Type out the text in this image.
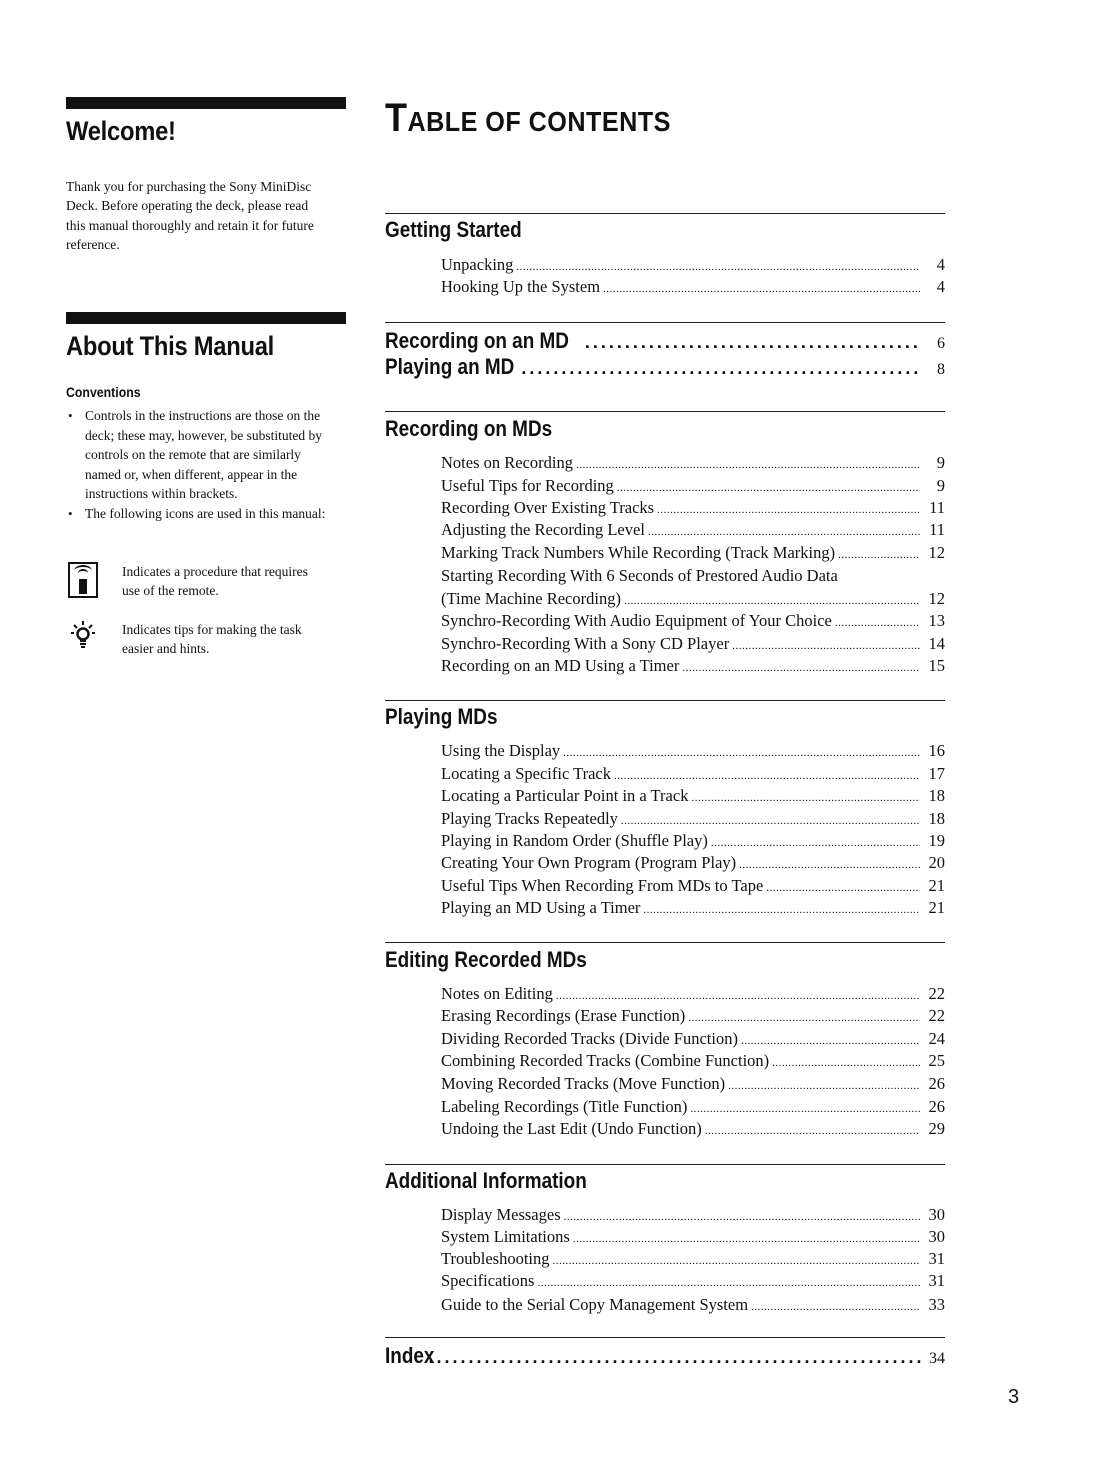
Welcome!
Thank you for purchasing the Sony MiniDisc Deck. Before operating the deck, please read this manual thoroughly and retain it for future reference.
About This Manual
Conventions
• Controls in the instructions are those on the deck; these may, however, be substituted by controls on the remote that are similarly named or, when different, appear in the instructions within brackets.
• The following icons are used in this manual:
Indicates a procedure that requires use of the remote.
Indicates tips for making the task easier and hints.
TABLE OF CONTENTS
Getting Started
Unpacking .....	4
Hooking Up the System .....	4
Recording on an MD .....	6
Playing an MD .....	8
Recording on MDs
Notes on Recording .....	9
Useful Tips for Recording .....	9
Recording Over Existing Tracks .....	11
Adjusting the Recording Level .....	11
Marking Track Numbers While Recording (Track Marking) .....	12
Starting Recording With 6 Seconds of Prestored Audio Data
(Time Machine Recording) .....	12
Synchro-Recording With Audio Equipment of Your Choice .....	13
Synchro-Recording With a Sony CD Player .....	14
Recording on an MD Using a Timer .....	15
Playing MDs
Using the Display .....	16
Locating a Specific Track .....	17
Locating a Particular Point in a Track .....	18
Playing Tracks Repeatedly .....	18
Playing in Random Order (Shuffle Play) .....	19
Creating Your Own Program (Program Play) .....	20
Useful Tips When Recording From MDs to Tape .....	21
Playing an MD Using a Timer .....	21
Editing Recorded MDs
Notes on Editing .....	22
Erasing Recordings (Erase Function) .....	22
Dividing Recorded Tracks (Divide Function) .....	24
Combining Recorded Tracks (Combine Function) .....	25
Moving Recorded Tracks (Move Function) .....	26
Labeling Recordings (Title Function) .....	26
Undoing the Last Edit (Undo Function) .....	29
Additional Information
Display Messages .....	30
System Limitations .....	30
Troubleshooting .....	31
Specifications .....	31
Guide to the Serial Copy Management System .....	33
Index .....	34
3
